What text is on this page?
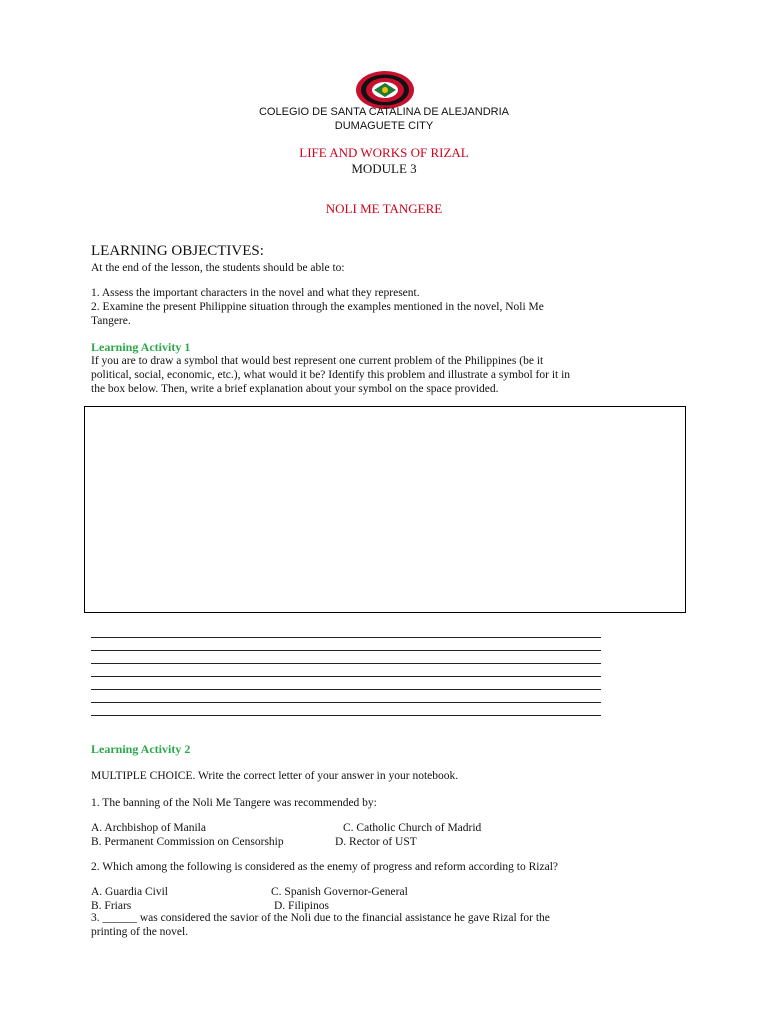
COLEGIO DE SANTA CATALINA DE ALEJANDRIA
DUMAGUETE CITY
LIFE AND WORKS OF RIZAL
MODULE 3
NOLI ME TANGERE
LEARNING OBJECTIVES:
At the end of the lesson, the students should be able to:
1. Assess the important characters in the novel and what they represent.
2. Examine the present Philippine situation through the examples mentioned in the novel, Noli Me
Tangere.
Learning Activity 1
If you are to draw a symbol that would best represent one current problem of the Philippines (be it
political, social, economic, etc.), what would it be? Identify this problem and illustrate a symbol for it in
the box below. Then, write a brief explanation about your symbol on the space provided.
Learning Activity 2
MULTIPLE CHOICE. Write the correct letter of your answer in your notebook.
1. The banning of the Noli Me Tangere was recommended by:
A. Archbishop of Manila	C. Catholic Church of Madrid
B. Permanent Commission on Censorship	D. Rector of UST
2. Which among the following is considered as the enemy of progress and reform according to Rizal?
A. Guardia Civil	C. Spanish Governor-General
B. Friars	D. Filipinos
3. ______ was considered the savior of the Noli due to the financial assistance he gave Rizal for the
printing of the novel.
